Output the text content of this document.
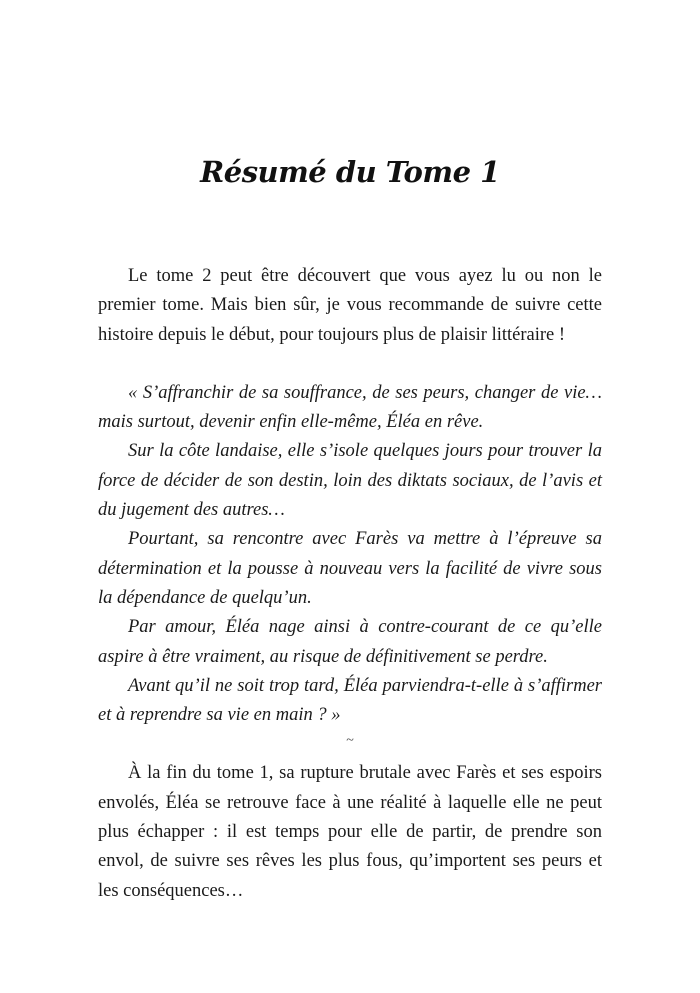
Résumé du Tome 1

Le tome 2 peut être découvert que vous ayez lu ou non le premier tome. Mais bien sûr, je vous recommande de suivre cette histoire depuis le début, pour toujours plus de plaisir littéraire !

« S’affranchir de sa souffrance, de ses peurs, changer de vie… mais surtout, devenir enfin elle-même, Éléa en rêve.

Sur la côte landaise, elle s’isole quelques jours pour trouver la force de décider de son destin, loin des diktats sociaux, de l’avis et du jugement des autres…

Pourtant, sa rencontre avec Farès va mettre à l’épreuve sa détermination et la pousse à nouveau vers la facilité de vivre sous la dépendance de quelqu’un.

Par amour, Éléa nage ainsi à contre-courant de ce qu’elle aspire à être vraiment, au risque de définitivement se perdre.

Avant qu’il ne soit trop tard, Éléa parviendra-t-elle à s’affirmer et à reprendre sa vie en main ? »

~

À la fin du tome 1, sa rupture brutale avec Farès et ses espoirs envolés, Éléa se retrouve face à une réalité à laquelle elle ne peut plus échapper : il est temps pour elle de partir, de prendre son envol, de suivre ses rêves les plus fous, qu’importent ses peurs et les conséquences…
